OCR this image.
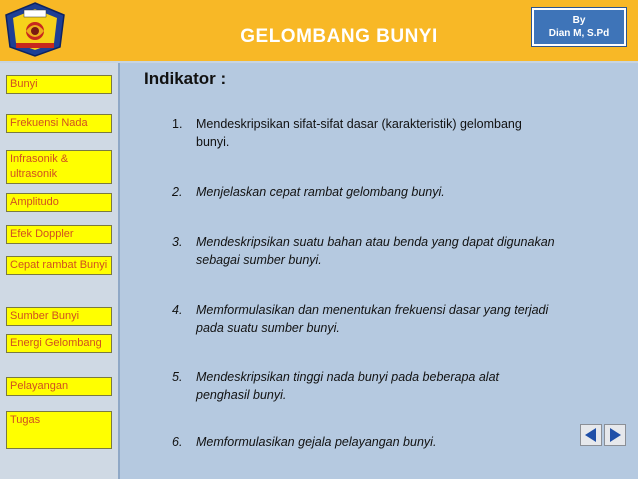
GELOMBANG BUNYI
By
Dian M, S.Pd
Bunyi
Frekuensi Nada
Infrasonik & ultrasonik
Amplitudo
Efek Doppler
Cepat rambat Bunyi
Sumber Bunyi
Energi Gelombang
Pelayangan
Tugas
Indikator :
1. Mendeskripsikan sifat-sifat dasar (karakteristik) gelombang
bunyi.
2. Menjelaskan cepat rambat gelombang bunyi.
3. Mendeskripsikan suatu bahan atau benda yang dapat digunakan
sebagai sumber bunyi.
4. Memformulasikan dan menentukan frekuensi dasar yang terjadi
pada suatu sumber bunyi.
5. Mendeskripsikan tinggi nada bunyi pada beberapa alat
penghasil bunyi.
6. Memformulasikan gejala pelayangan bunyi.
